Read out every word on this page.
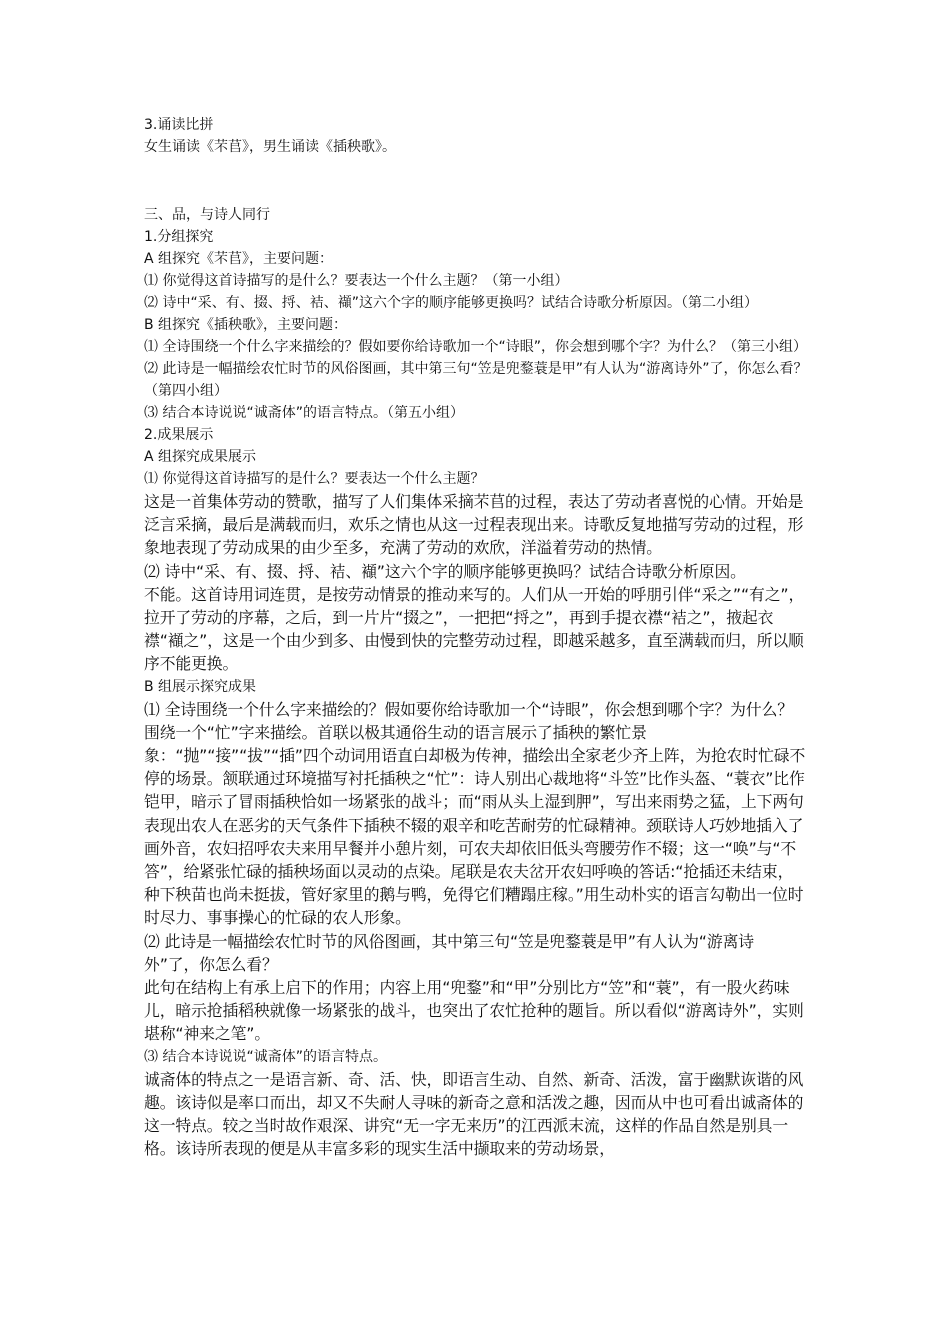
3.诵读比拼

女生诵读《芣苢》，男生诵读《插秧歌》。

三、品，与诗人同行

1.分组探究

A 组探究《芣苢》，主要问题：

⑴ 你觉得这首诗描写的是什么？要表达一个什么主题？（第一小组）

⑵ 诗中“采、有、掇、捋、袺、襭”这六个字的顺序能够更换吗？试结合诗歌分析原因。（第二小组）

B 组探究《插秧歌》，主要问题：

⑴ 全诗围绕一个什么字来描绘的？假如要你给诗歌加一个“诗眼”，你会想到哪个字？为什么？（第三小组）

⑵ 此诗是一幅描绘农忙时节的风俗图画，其中第三句“笠是兜鍪蓑是甲”有人认为“游离诗外”了，你怎么看？（第四小组）

⑶ 结合本诗说说“诚斋体”的语言特点。（第五小组）

2.成果展示

A 组探究成果展示

⑴ 你觉得这首诗描写的是什么？要表达一个什么主题？

这是一首集体劳动的赞歌，描写了人们集体采摘芣苢的过程，表达了劳动者喜悦的心情。开始是泛言采摘，最后是满载而归，欢乐之情也从这一过程表现出来。诗歌反复地描写劳动的过程，形象地表现了劳动成果的由少至多，充满了劳动的欢欣，洋溢着劳动的热情。

⑵ 诗中“采、有、掇、捋、袺、襭”这六个字的顺序能够更换吗？试结合诗歌分析原因。

不能。这首诗用词连贯，是按劳动情景的推动来写的。人们从一开始的呼朋引伴“采之”“有之”，拉开了劳动的序幕，之后，到一片片“掇之”，一把把“捋之”，再到手提衣襟“袺之”，掖起衣襟“襭之”，这是一个由少到多、由慢到快的完整劳动过程，即越采越多，直至满载而归，所以顺序不能更换。

B 组展示探究成果

⑴ 全诗围绕一个什么字来描绘的？假如要你给诗歌加一个“诗眼”，你会想到哪个字？为什么？

围绕一个“忙”字来描绘。首联以极其通俗生动的语言展示了插秧的繁忙景象：“抛”“接”“拔”“插”四个动词用语直白却极为传神，描绘出全家老少齐上阵，为抢农时忙碌不停的场景。颔联通过环境描写衬托插秧之“忙”：诗人别出心裁地将“斗笠”比作头盔、“蓑衣”比作铠甲，暗示了冒雨插秧恰如一场紧张的战斗；而“雨从头上湿到胛”，写出来雨势之猛，上下两句表现出农人在恶劣的天气条件下插秧不辍的艰辛和吃苦耐劳的忙碌精神。颈联诗人巧妙地插入了画外音，农妇招呼农夫来用早餐并小憩片刻，可农夫却依旧低头弯腰劳作不辍；这一“唤”与“不答”，给紧张忙碌的插秧场面以灵动的点染。尾联是农夫岔开农妇呼唤的答话:“抢插还未结束，种下秧苗也尚未挺拔，管好家里的鹅与鸭，免得它们糟蹋庄稼。”用生动朴实的语言勾勒出一位时时尽力、事事操心的忙碌的农人形象。

⑵ 此诗是一幅描绘农忙时节的风俗图画，其中第三句“笠是兜鍪蓑是甲”有人认为“游离诗外”了，你怎么看？

此句在结构上有承上启下的作用；内容上用“兜鍪”和“甲”分别比方“笠”和“蓑”，有一股火药味儿，暗示抢插稻秧就像一场紧张的战斗，也突出了农忙抢种的题旨。所以看似“游离诗外”，实则堪称“神来之笔”。

⑶ 结合本诗说说“诚斋体”的语言特点。

诚斋体的特点之一是语言新、奇、活、快，即语言生动、自然、新奇、活泼，富于幽默诙谐的风趣。该诗似是率口而出，却又不失耐人寻味的新奇之意和活泼之趣，因而从中也可看出诚斋体的这一特点。较之当时故作艰深、讲究“无一字无来历”的江西派末流，这样的作品自然是别具一格。该诗所表现的便是从丰富多彩的现实生活中撷取来的劳动场景，
